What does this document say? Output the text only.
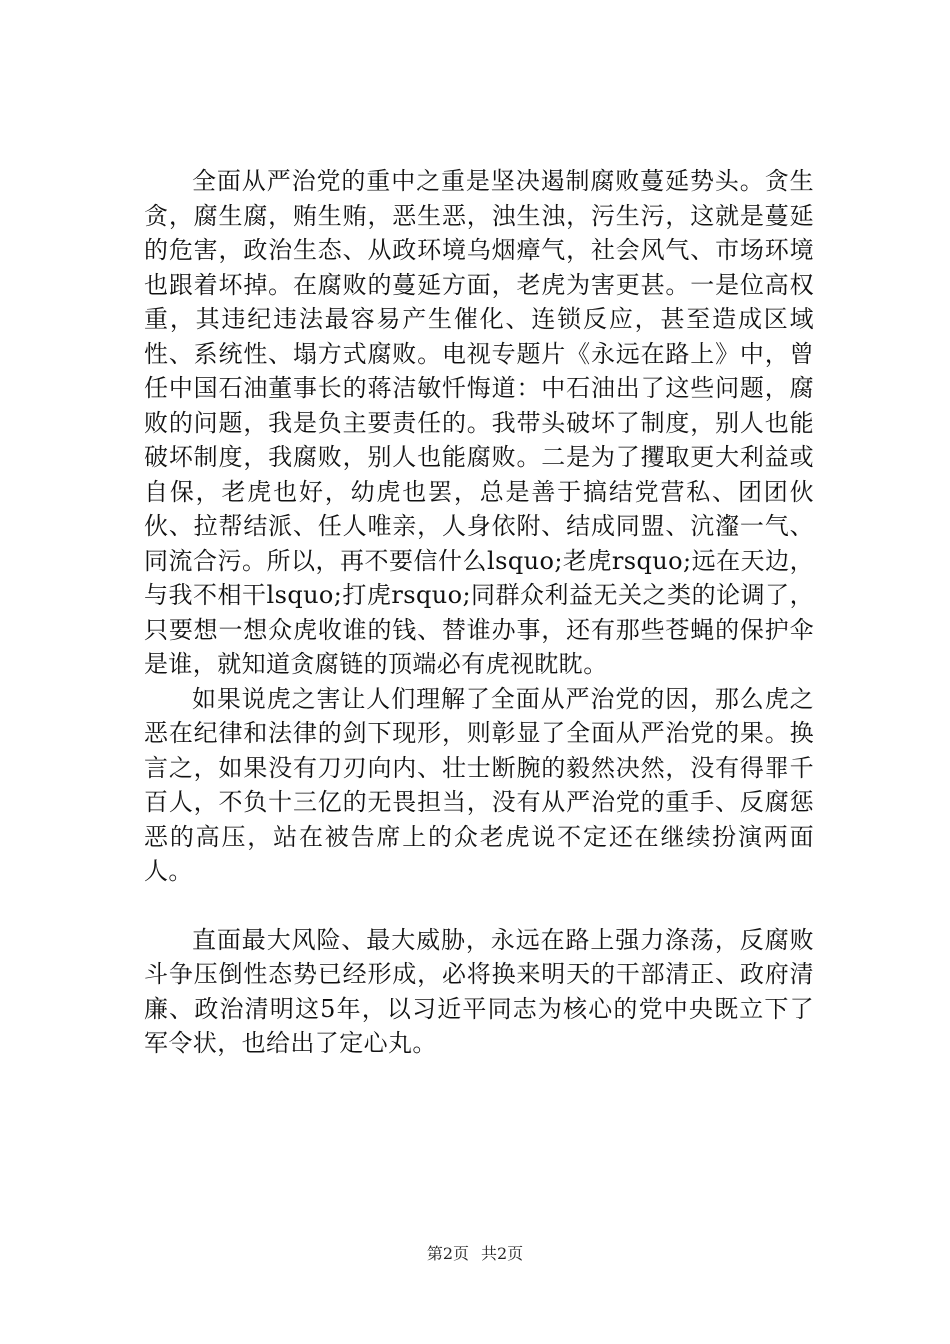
全面从严治党的重中之重是坚决遏制腐败蔓延势头。贪生贪，腐生腐，贿生贿，恶生恶，浊生浊，污生污，这就是蔓延的危害，政治生态、从政环境乌烟瘴气，社会风气、市场环境也跟着坏掉。在腐败的蔓延方面，老虎为害更甚。一是位高权重，其违纪违法最容易产生催化、连锁反应，甚至造成区域性、系统性、塌方式腐败。电视专题片《永远在路上》中，曾任中国石油董事长的蒋洁敏忏悔道：中石油出了这些问题，腐败的问题，我是负主要责任的。我带头破坏了制度，别人也能破坏制度，我腐败，别人也能腐败。二是为了攫取更大利益或自保，老虎也好，幼虎也罢，总是善于搞结党营私、团团伙伙、拉帮结派、任人唯亲，人身依附、结成同盟、沆瀣一气、同流合污。所以，再不要信什么lsquo;老虎rsquo;远在天边，与我不相干lsquo;打虎rsquo;同群众利益无关之类的论调了，只要想一想众虎收谁的钱、替谁办事，还有那些苍蝇的保护伞是谁，就知道贪腐链的顶端必有虎视眈眈。

如果说虎之害让人们理解了全面从严治党的因，那么虎之恶在纪律和法律的剑下现形，则彰显了全面从严治党的果。换言之，如果没有刀刃向内、壮士断腕的毅然决然，没有得罪千百人，不负十三亿的无畏担当，没有从严治党的重手、反腐惩恶的高压，站在被告席上的众老虎说不定还在继续扮演两面人。

直面最大风险、最大威胁，永远在路上强力涤荡，反腐败斗争压倒性态势已经形成，必将换来明天的干部清正、政府清廉、政治清明这5年，以习近平同志为核心的党中央既立下了军令状，也给出了定心丸。

第2页 共2页
